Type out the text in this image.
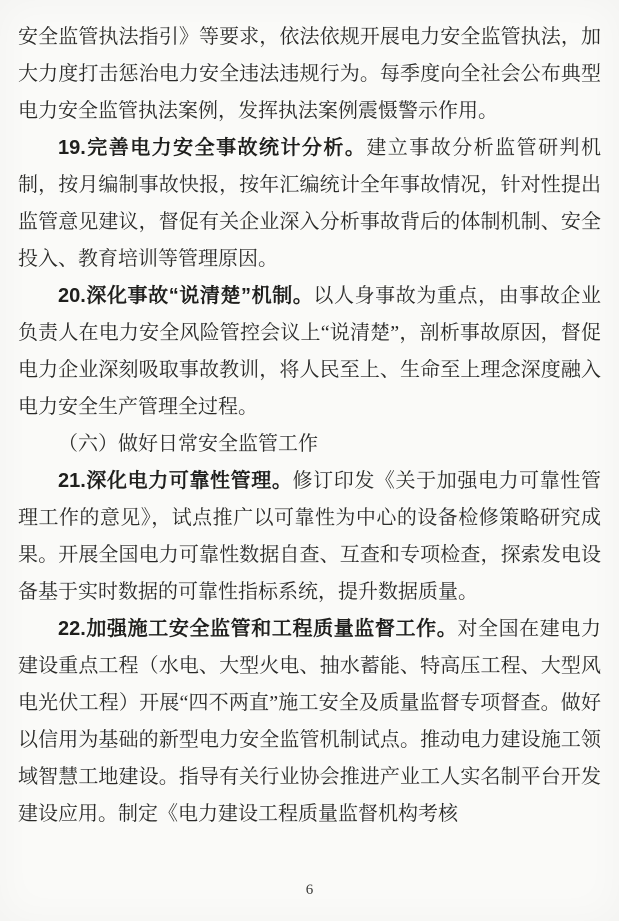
安全监管执法指引》等要求，依法依规开展电力安全监管执法，加大力度打击惩治电力安全违法违规行为。每季度向全社会公布典型电力安全监管执法案例，发挥执法案例震慑警示作用。

19.完善电力安全事故统计分析。建立事故分析监管研判机制，按月编制事故快报，按年汇编统计全年事故情况，针对性提出监管意见建议，督促有关企业深入分析事故背后的体制机制、安全投入、教育培训等管理原因。

20.深化事故“说清楚”机制。以人身事故为重点，由事故企业负责人在电力安全风险管控会议上“说清楚”，剖析事故原因，督促电力企业深刻吸取事故教训，将人民至上、生命至上理念深度融入电力安全生产管理全过程。

（六）做好日常安全监管工作

21.深化电力可靠性管理。修订印发《关于加强电力可靠性管理工作的意见》，试点推广以可靠性为中心的设备检修策略研究成果。开展全国电力可靠性数据自查、互查和专项检查，探索发电设备基于实时数据的可靠性指标系统，提升数据质量。

22.加强施工安全监管和工程质量监督工作。对全国在建电力建设重点工程（水电、大型火电、抽水蓄能、特高压工程、大型风电光伏工程）开展“四不两直”施工安全及质量监督专项督查。做好以信用为基础的新型电力安全监管机制试点。推动电力建设施工领域智慧工地建设。指导有关行业协会推进产业工人实名制平台开发建设应用。制定《电力建设工程质量监督机构考核

6
